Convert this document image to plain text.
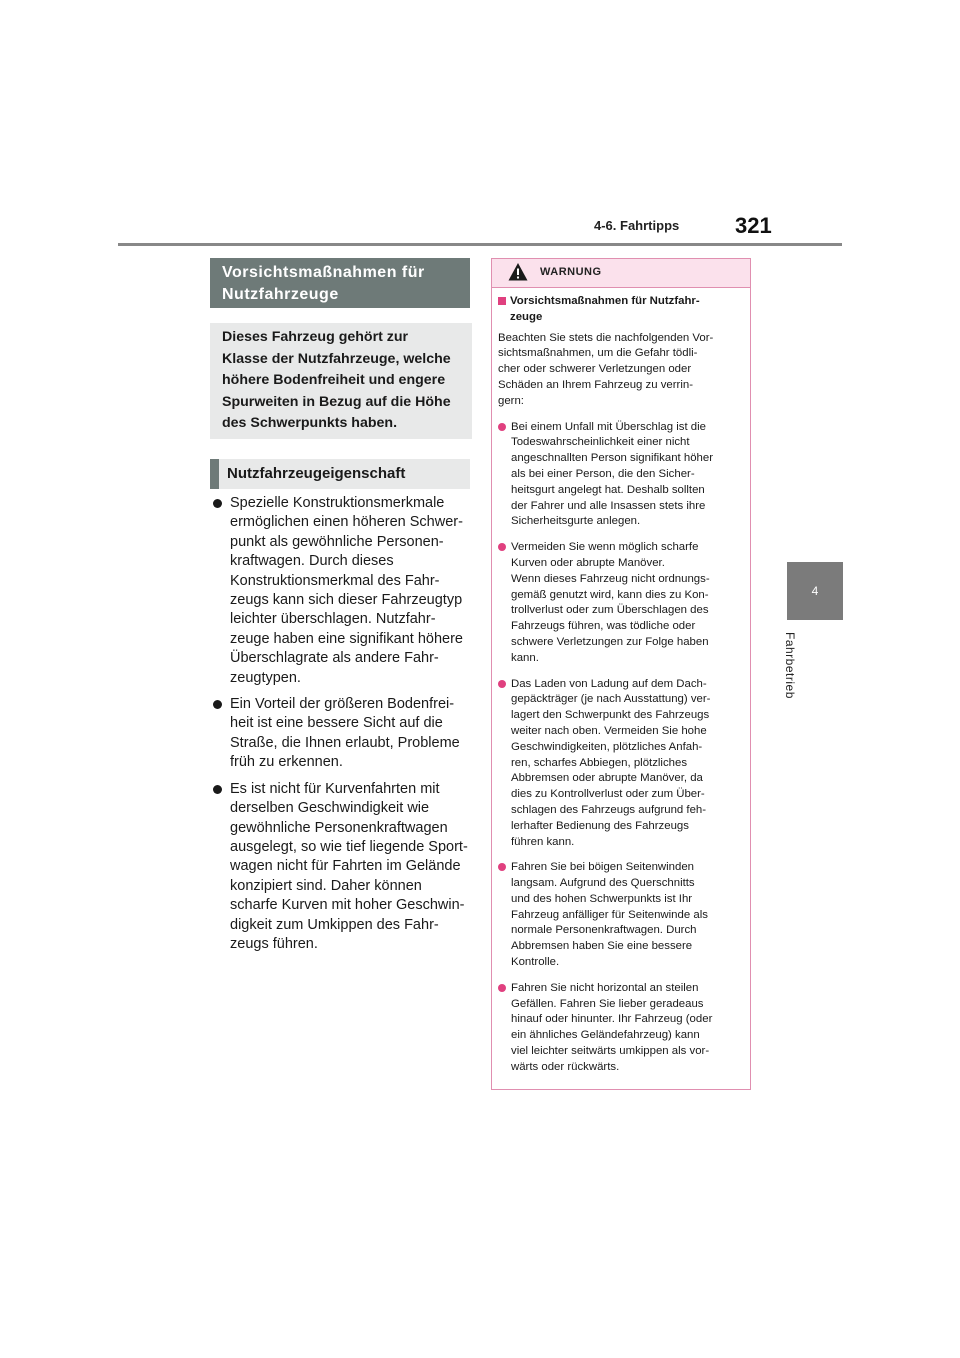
4-6. Fahrtipps	321
4
Fahrbetrieb
Vorsichtsmaßnahmen für Nutzfahrzeuge
Dieses Fahrzeug gehört zur
Klasse der Nutzfahrzeuge, welche
höhere Bodenfreiheit und engere
Spurweiten in Bezug auf die Höhe
des Schwerpunkts haben.
Nutzfahrzeugeigenschaft
Spezielle Konstruktionsmerkmale
ermöglichen einen höheren Schwer-
punkt als gewöhnliche Personen-
kraftwagen. Durch dieses
Konstruktionsmerkmal des Fahr-
zeugs kann sich dieser Fahrzeugtyp
leichter überschlagen. Nutzfahr-
zeuge haben eine signifikant höhere
Überschlagrate als andere Fahr-
zeugtypen.
Ein Vorteil der größeren Bodenfrei-
heit ist eine bessere Sicht auf die
Straße, die Ihnen erlaubt, Probleme
früh zu erkennen.
Es ist nicht für Kurvenfahrten mit
derselben Geschwindigkeit wie
gewöhnliche Personenkraftwagen
ausgelegt, so wie tief liegende Sport-
wagen nicht für Fahrten im Gelände
konzipiert sind. Daher können
scharfe Kurven mit hoher Geschwin-
digkeit zum Umkippen des Fahr-
zeugs führen.
WARNUNG
Vorsichtsmaßnahmen für Nutzfahr-
zeuge
Beachten Sie stets die nachfolgenden Vor-
sichtsmaßnahmen, um die Gefahr tödli-
cher oder schwerer Verletzungen oder
Schäden an Ihrem Fahrzeug zu verrin-
gern:
Bei einem Unfall mit Überschlag ist die
Todeswahrscheinlichkeit einer nicht
angeschnallten Person signifikant höher
als bei einer Person, die den Sicher-
heitsgurt angelegt hat. Deshalb sollten
der Fahrer und alle Insassen stets ihre
Sicherheitsgurte anlegen.
Vermeiden Sie wenn möglich scharfe
Kurven oder abrupte Manöver.
Wenn dieses Fahrzeug nicht ordnungs-
gemäß genutzt wird, kann dies zu Kon-
trollverlust oder zum Überschlagen des
Fahrzeugs führen, was tödliche oder
schwere Verletzungen zur Folge haben
kann.
Das Laden von Ladung auf dem Dach-
gepäckträger (je nach Ausstattung) ver-
lagert den Schwerpunkt des Fahrzeugs
weiter nach oben. Vermeiden Sie hohe
Geschwindigkeiten, plötzliches Anfah-
ren, scharfes Abbiegen, plötzliches
Abbremsen oder abrupte Manöver, da
dies zu Kontrollverlust oder zum Über-
schlagen des Fahrzeugs aufgrund feh-
lerhafter Bedienung des Fahrzeugs
führen kann.
Fahren Sie bei böigen Seitenwinden
langsam. Aufgrund des Querschnitts
und des hohen Schwerpunkts ist Ihr
Fahrzeug anfälliger für Seitenwinde als
normale Personenkraftwagen. Durch
Abbremsen haben Sie eine bessere
Kontrolle.
Fahren Sie nicht horizontal an steilen
Gefällen. Fahren Sie lieber geradeaus
hinauf oder hinunter. Ihr Fahrzeug (oder
ein ähnliches Geländefahrzeug) kann
viel leichter seitwärts umkippen als vor-
wärts oder rückwärts.
